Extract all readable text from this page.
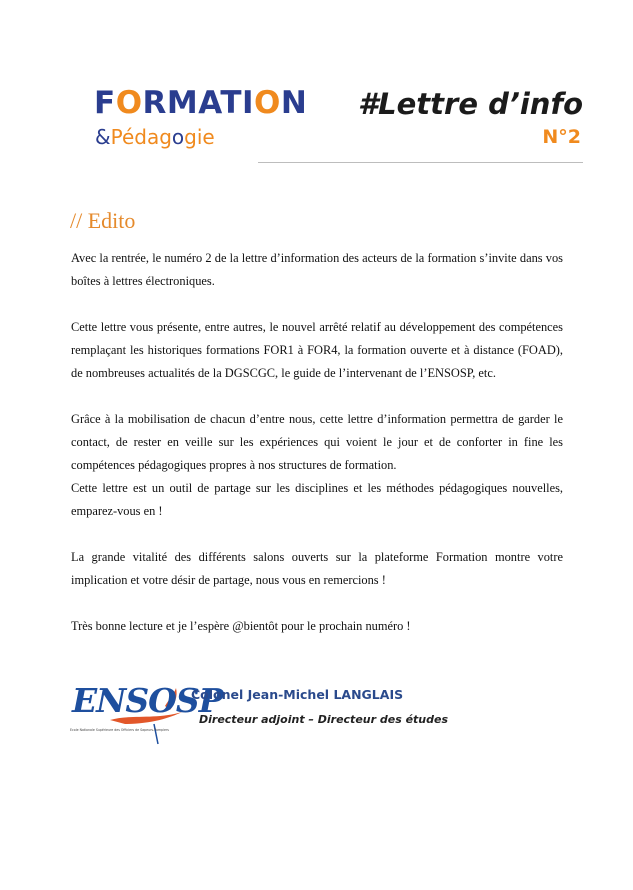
FORMATION
&Pédagogie
#Lettre d’info
N°2
// Edito

Avec la rentrée, le numéro 2 de la lettre d’information des acteurs de la formation s’invite dans vos boîtes à lettres électroniques.

Cette lettre vous présente, entre autres, le nouvel arrêté relatif au développement des compétences remplaçant les historiques formations FOR1 à FOR4, la formation ouverte et à distance (FOAD), de nombreuses actualités de la DGSCGC, le guide de l’intervenant de l’ENSOSP, etc.

Grâce à la mobilisation de chacun d’entre nous, cette lettre d’information permettra de garder le contact, de rester en veille sur les expériences qui voient le jour et de conforter in fine les compétences pédagogiques propres à nos structures de formation.

Cette lettre est un outil de partage sur les disciplines et les méthodes pédagogiques nouvelles, emparez-vous en !

La grande vitalité des différents salons ouverts sur la plateforme Formation montre votre implication et votre désir de partage, nous vous en remercions !

Très bonne lecture et je l’espère @bientôt pour le prochain numéro !

ENSOSP
Ecole Nationale Supérieure des Officiers de Sapeurs-Pompiers
Colonel Jean-Michel LANGLAIS
Directeur adjoint – Directeur des études
